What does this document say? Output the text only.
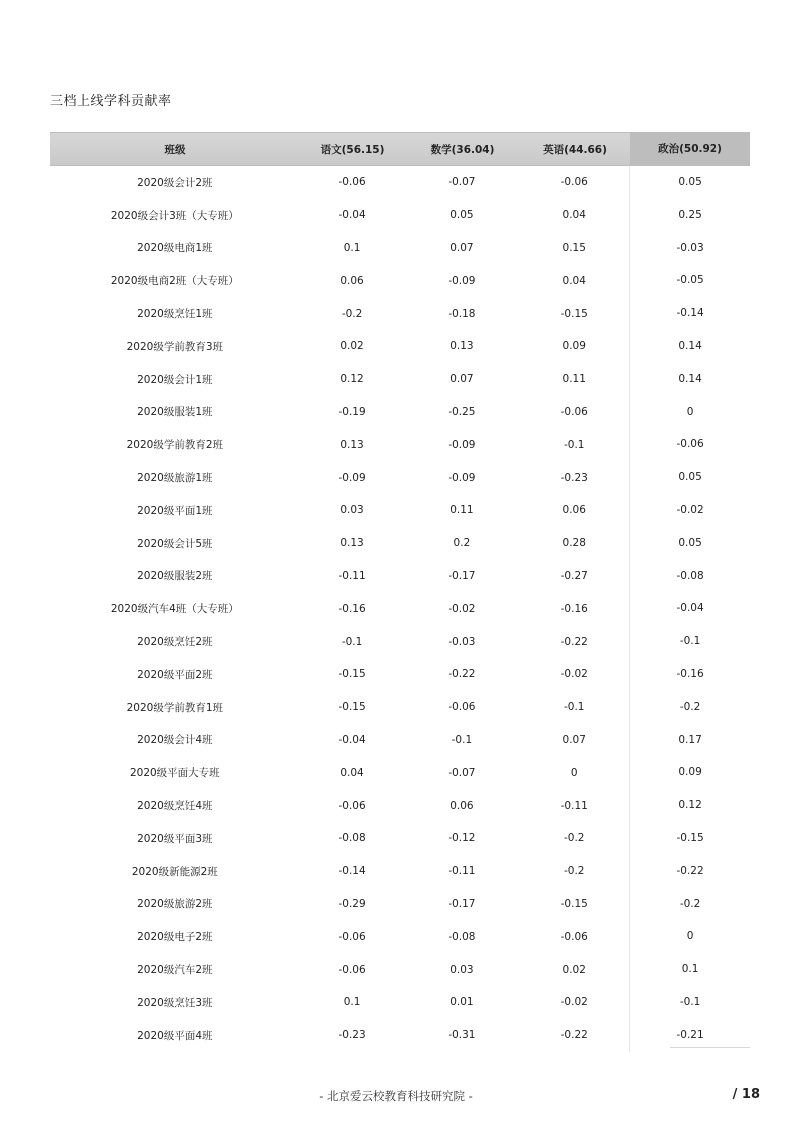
三档上线学科贡献率
班级	语文(56.15)	数学(36.04)	英语(44.66)	政治(50.92)
2020级会计2班	-0.06	-0.07	-0.06	0.05
2020级会计3班（大专班）	-0.04	0.05	0.04	0.25
2020级电商1班	0.1	0.07	0.15	-0.03
2020级电商2班（大专班）	0.06	-0.09	0.04	-0.05
2020级烹饪1班	-0.2	-0.18	-0.15	-0.14
2020级学前教育3班	0.02	0.13	0.09	0.14
2020级会计1班	0.12	0.07	0.11	0.14
2020级服装1班	-0.19	-0.25	-0.06	0
2020级学前教育2班	0.13	-0.09	-0.1	-0.06
2020级旅游1班	-0.09	-0.09	-0.23	0.05
2020级平面1班	0.03	0.11	0.06	-0.02
2020级会计5班	0.13	0.2	0.28	0.05
2020级服装2班	-0.11	-0.17	-0.27	-0.08
2020级汽车4班（大专班）	-0.16	-0.02	-0.16	-0.04
2020级烹饪2班	-0.1	-0.03	-0.22	-0.1
2020级平面2班	-0.15	-0.22	-0.02	-0.16
2020级学前教育1班	-0.15	-0.06	-0.1	-0.2
2020级会计4班	-0.04	-0.1	0.07	0.17
2020级平面大专班	0.04	-0.07	0	0.09
2020级烹饪4班	-0.06	0.06	-0.11	0.12
2020级平面3班	-0.08	-0.12	-0.2	-0.15
2020级新能源2班	-0.14	-0.11	-0.2	-0.22
2020级旅游2班	-0.29	-0.17	-0.15	-0.2
2020级电子2班	-0.06	-0.08	-0.06	0
2020级汽车2班	-0.06	0.03	0.02	0.1
2020级烹饪3班	0.1	0.01	-0.02	-0.1
2020级平面4班	-0.23	-0.31	-0.22	-0.21
- 北京爱云校教育科技研究院 -	/ 18
